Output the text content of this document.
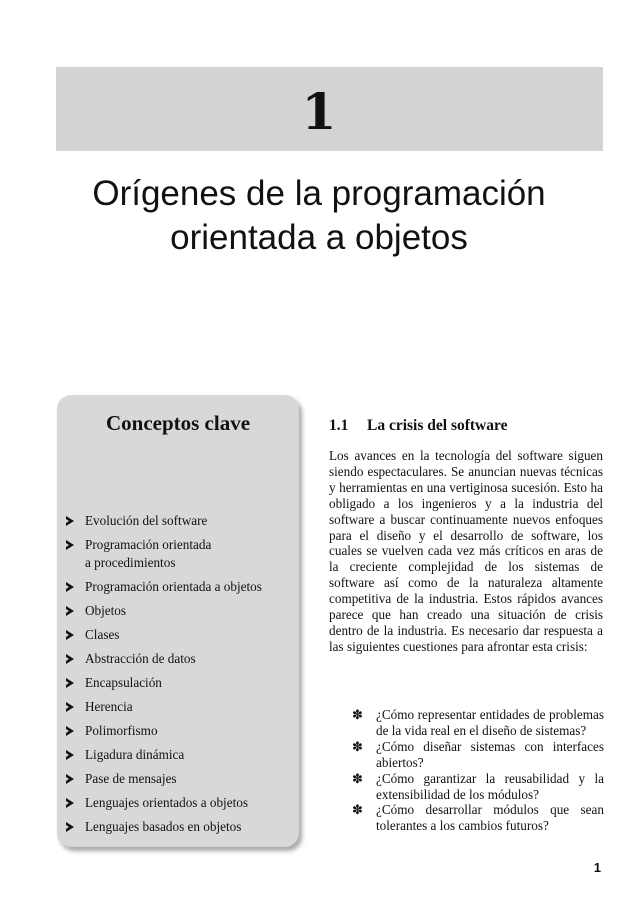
1
Orígenes de la programación
orientada a objetos
Conceptos clave
Evolución del software
Programación orientada
a procedimientos
Programación orientada a objetos
Objetos
Clases
Abstracción de datos
Encapsulación
Herencia
Polimorfismo
Ligadura dinámica
Pase de mensajes
Lenguajes orientados a objetos
Lenguajes basados en objetos
1.1 La crisis del software

Los avances en la tecnología del software siguen siendo espectaculares. Se anuncian nuevas técnicas y herramientas en una vertiginosa sucesión. Esto ha obligado a los ingenieros y a la industria del software a buscar continuamente nuevos enfoques para el diseño y el desarrollo de software, los cuales se vuelven cada vez más críticos en aras de la creciente complejidad de los sistemas de software así como de la naturaleza altamente competitiva de la industria. Estos rápidos avances parece que han creado una situación de crisis dentro de la industria. Es necesario dar respuesta a las siguientes cuestiones para afrontar esta crisis:

✽ ¿Cómo representar entidades de problemas de la vida real en el diseño de sistemas?
✽ ¿Cómo diseñar sistemas con interfaces abiertos?
✽ ¿Cómo garantizar la reusabilidad y la extensibilidad de los módulos?
✽ ¿Cómo desarrollar módulos que sean tolerantes a los cambios futuros?
1
